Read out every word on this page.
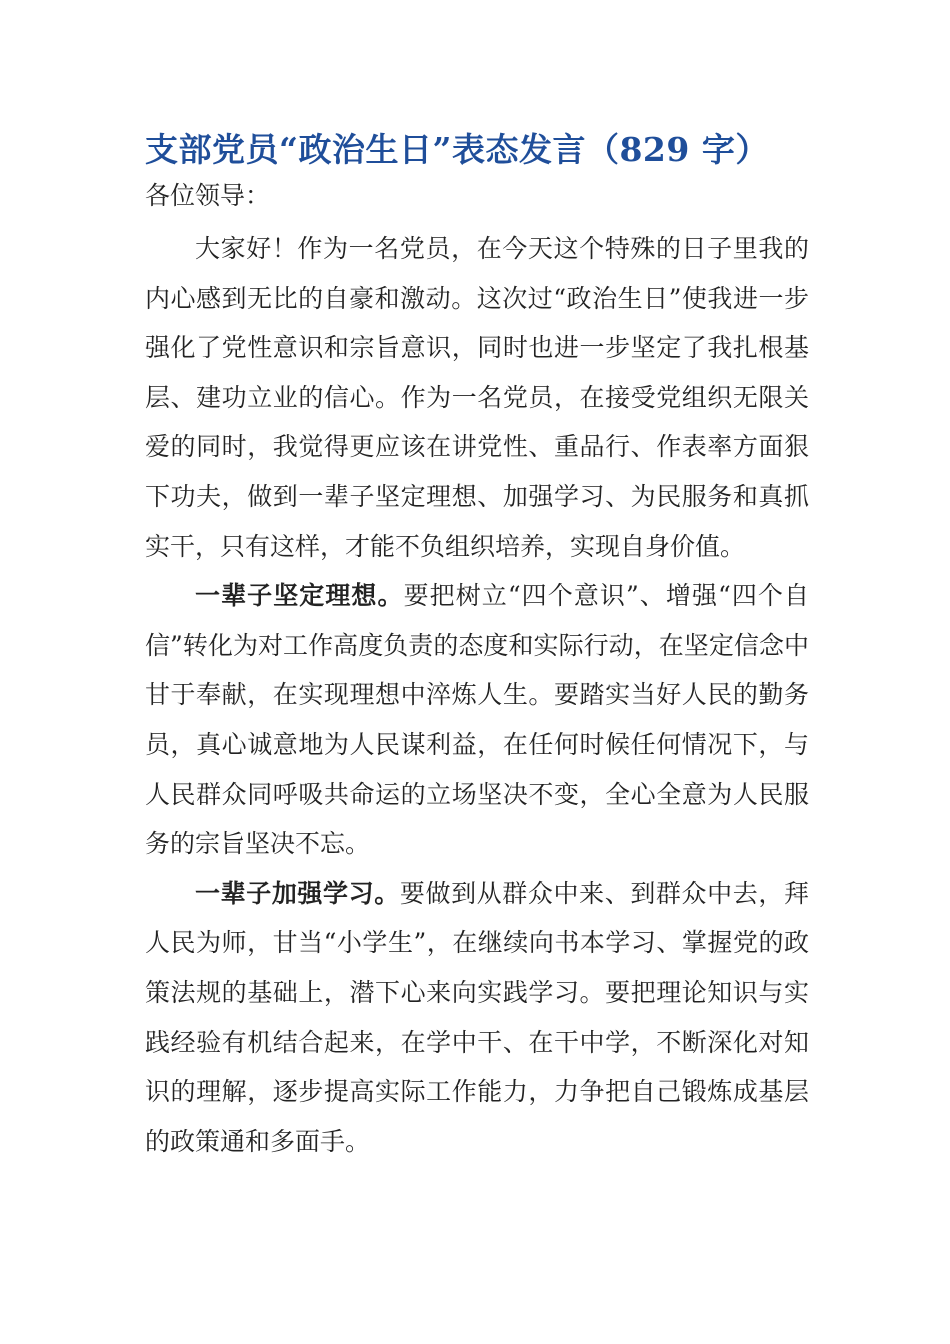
支部党员“政治生日”表态发言（829 字）
各位领导：

大家好！作为一名党员，在今天这个特殊的日子里我的内心感到无比的自豪和激动。这次过“政治生日”使我进一步强化了党性意识和宗旨意识，同时也进一步坚定了我扎根基层、建功立业的信心。作为一名党员，在接受党组织无限关爱的同时，我觉得更应该在讲党性、重品行、作表率方面狠下功夫，做到一辈子坚定理想、加强学习、为民服务和真抓实干，只有这样，才能不负组织培养，实现自身价值。

一辈子坚定理想。要把树立“四个意识”、增强“四个自信”转化为对工作高度负责的态度和实际行动，在坚定信念中甘于奉献，在实现理想中淬炼人生。要踏实当好人民的勤务员，真心诚意地为人民谋利益，在任何时候任何情况下，与人民群众同呼吸共命运的立场坚决不变，全心全意为人民服务的宗旨坚决不忘。

一辈子加强学习。要做到从群众中来、到群众中去，拜人民为师，甘当“小学生”，在继续向书本学习、掌握党的政策法规的基础上，潜下心来向实践学习。要把理论知识与实践经验有机结合起来，在学中干、在干中学，不断深化对知识的理解，逐步提高实际工作能力，力争把自己锻炼成基层的政策通和多面手。
